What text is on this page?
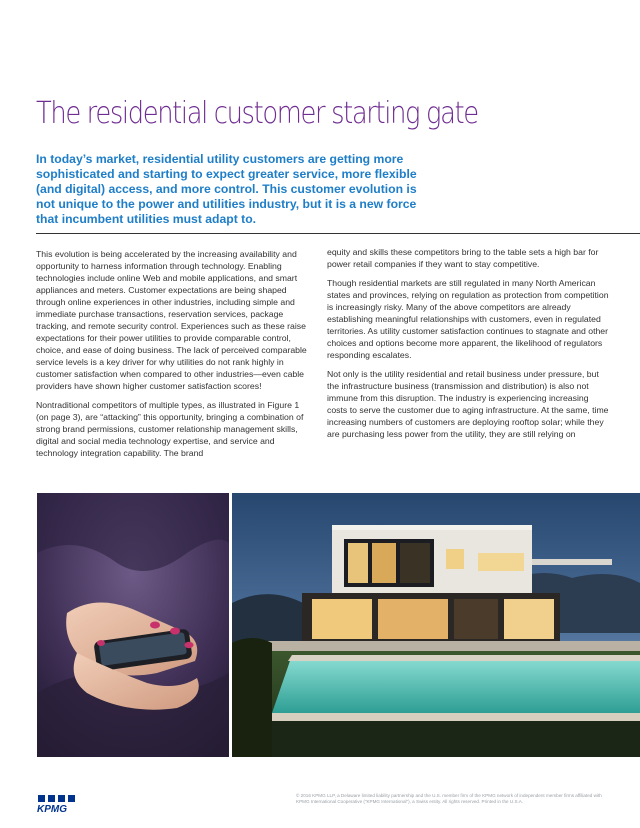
The residential customer starting gate

In today’s market, residential utility customers are getting more sophisticated and starting to expect greater service, more flexible (and digital) access, and more control. This customer evolution is not unique to the power and utilities industry, but it is a new force that incumbent utilities must adapt to.

This evolution is being accelerated by the increasing availability and opportunity to harness information through technology. Enabling technologies include online Web and mobile applications, and smart appliances and meters. Customer expectations are being shaped through online experiences in other industries, including simple and immediate purchase transactions, reservation services, package tracking, and remote security control. Experiences such as these raise expectations for their power utilities to provide comparable control, choice, and ease of doing business. The lack of perceived comparable service levels is a key driver for why utilities do not rank highly in customer satisfaction when compared to other industries—even cable providers have shown higher customer satisfaction scores!

Nontraditional competitors of multiple types, as illustrated in Figure 1 (on page 3), are “attacking” this opportunity, bringing a combination of strong brand permissions, customer relationship management skills, digital and social media technology expertise, and service and technology integration capability. The brand

equity and skills these competitors bring to the table sets a high bar for power retail companies if they want to stay competitive.

Though residential markets are still regulated in many North American states and provinces, relying on regulation as protection from competition is increasingly risky. Many of the above competitors are already establishing meaningful relationships with customers, even in regulated territories. As utility customer satisfaction continues to stagnate and other choices and options become more apparent, the likelihood of regulators responding escalates.

Not only is the utility residential and retail business under pressure, but the infrastructure business (transmission and distribution) is also not immune from this disruption. The industry is experiencing increasing costs to serve the customer due to aging infrastructure. At the same, time increasing numbers of customers are deploying rooftop solar; while they are purchasing less power from the utility, they are still relying on

KPMG

© 2016 KPMG LLP, a Delaware limited liability partnership and the U.S. member firm of the KPMG network of independent member firms affiliated with KPMG International Cooperative (“KPMG International”), a Swiss entity. All rights reserved. Printed in the U.S.A.
